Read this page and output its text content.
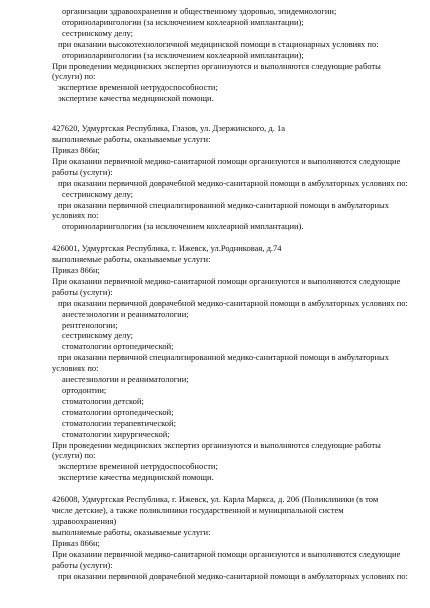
организации здравоохранения и общественному здоровью, эпидемиологии;
оториноларингологии (за исключением кохлеарной имплантации);
сестринскому делу;
при оказании высокотехнологичной медицинской помощи в стационарных условиях по:
оториноларингологии (за исключением кохлеарной имплантации);
При проведении медицинских экспертиз организуются и выполняются следующие работы
(услуги) по:
экспертизе временной нетрудоспособности;
экспертизе качества медицинской помощи.
427620, Удмуртская Республика, Глазов, ул. Дзержинского, д. 1а
выполняемые работы, оказываемые услуги:
Приказ 866н;
При оказании первичной медико-санитарной помощи организуются и выполняются следующие
работы (услуги):
при оказании первичной доврачебной медико-санитарной помощи в амбулаторных условиях по:
сестринскому делу;
при оказании первичной специализированной медико-санитарной помощи в амбулаторных
условиях по:
оториноларингологии (за исключением кохлеарной имплантации).
426001, Удмуртская Республика, г. Ижевск, ул.Родниковая, д.74
выполняемые работы, оказываемые услуги:
Приказ 866н;
При оказании первичной медико-санитарной помощи организуются и выполняются следующие
работы (услуги):
при оказании первичной доврачебной медико-санитарной помощи в амбулаторных условиях по:
анестезиологии и реаниматологии;
рентгенологии;
сестринскому делу;
стоматологии ортопедической;
при оказании первичной специализированной медико-санитарной помощи в амбулаторных
условиях по:
анестезиологии и реаниматологии;
ортодонтии;
стоматологии детской;
стоматологии ортопедической;
стоматологии терапевтической;
стоматологии хирургической;
При проведении медицинских экспертиз организуются и выполняются следующие работы
(услуги) по:
экспертизе временной нетрудоспособности;
экспертизе качества медицинской помощи.
426008, Удмуртская Республика, г. Ижевск, ул. Карла Маркса, д. 206 (Поликлиники (в том
числе детские), а также поликлиники государственной и муниципальной систем
здравоохранения)
выполняемые работы, оказываемые услуги:
Приказ 866н;
При оказании первичной медико-санитарной помощи организуются и выполняются следующие
работы (услуги):
при оказании первичной доврачебной медико-санитарной помощи в амбулаторных условиях по:
